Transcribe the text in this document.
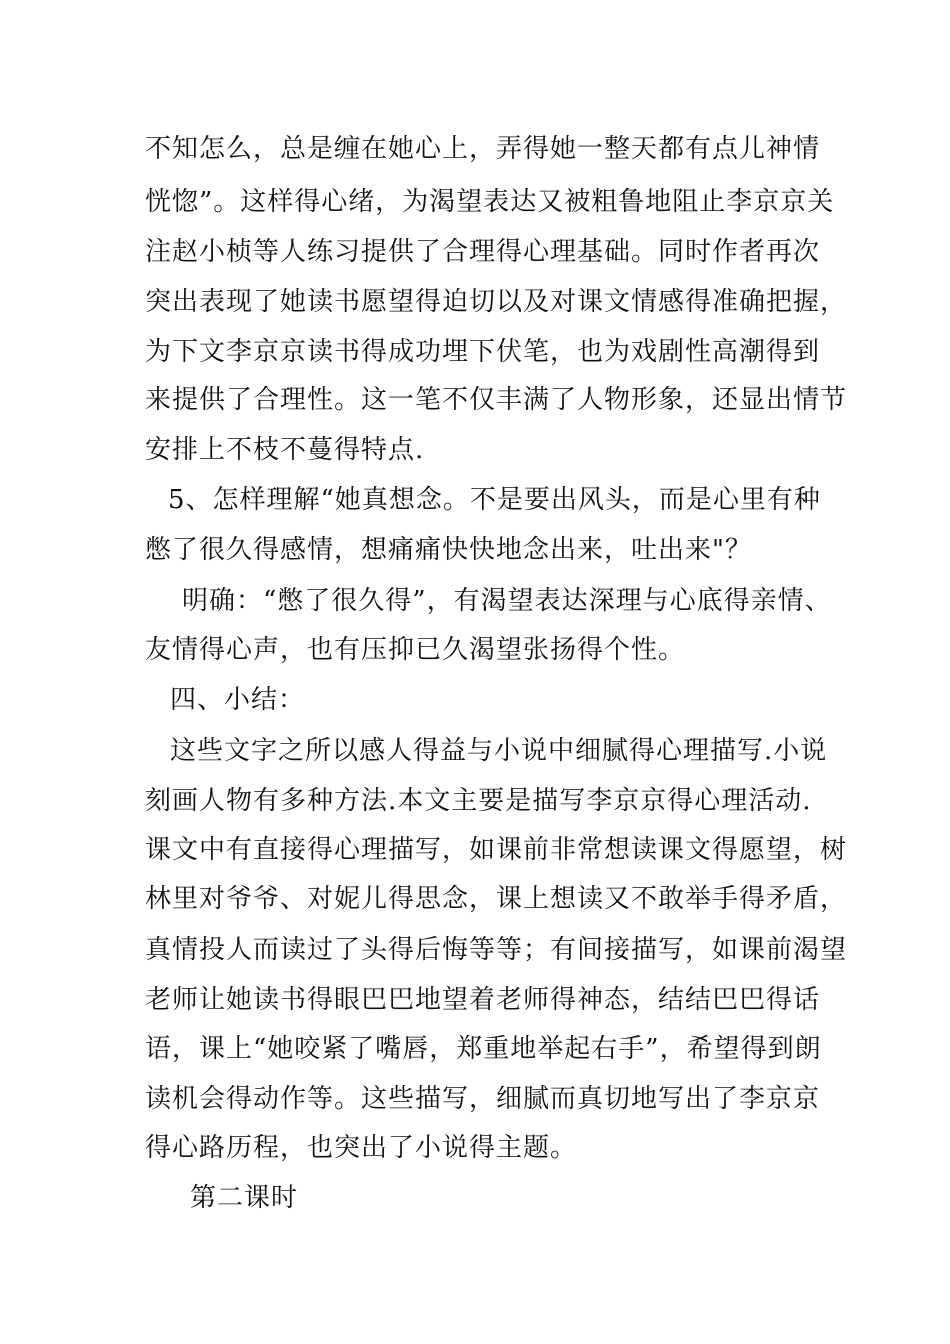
不知怎么，总是缠在她心上，弄得她一整天都有点儿神情
恍惚”。这样得心绪，为渴望表达又被粗鲁地阻止李京京关
注赵小桢等人练习提供了合理得心理基础。同时作者再次
突出表现了她读书愿望得迫切以及对课文情感得准确把握，
为下文李京京读书得成功埋下伏笔，也为戏剧性高潮得到
来提供了合理性。这一笔不仅丰满了人物形象，还显出情节
安排上不枝不蔓得特点.
5、怎样理解“她真想念。不是要出风头，而是心里有种
憋了很久得感情，想痛痛快快地念出来，吐出来"？
明确：“憋了很久得”，有渴望表达深理与心底得亲情、
友情得心声，也有压抑已久渴望张扬得个性。
四、小结：
这些文字之所以感人得益与小说中细腻得心理描写.小说
刻画人物有多种方法.本文主要是描写李京京得心理活动.
课文中有直接得心理描写，如课前非常想读课文得愿望，树
林里对爷爷、对妮儿得思念，课上想读又不敢举手得矛盾，
真情投人而读过了头得后悔等等；有间接描写，如课前渴望
老师让她读书得眼巴巴地望着老师得神态，结结巴巴得话
语，课上“她咬紧了嘴唇，郑重地举起右手”，希望得到朗
读机会得动作等。这些描写，细腻而真切地写出了李京京
得心路历程，也突出了小说得主题。
第二课时
